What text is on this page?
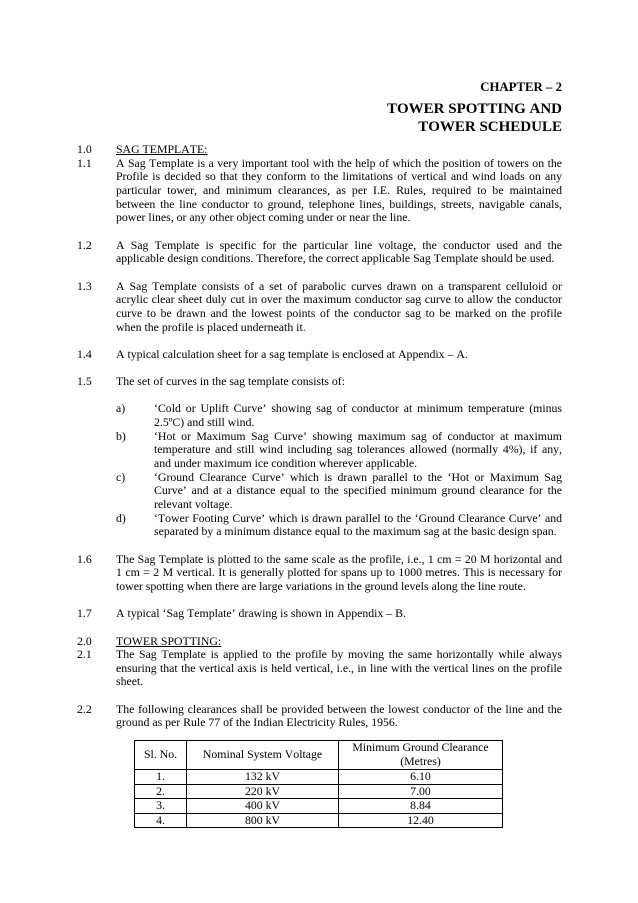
CHAPTER – 2
TOWER SPOTTING AND
TOWER SCHEDULE
1.0	SAG TEMPLATE:
1.1	A Sag Template is a very important tool with the help of which the position of towers on the Profile is decided so that they conform to the limitations of vertical and wind loads on any particular tower, and minimum clearances, as per I.E. Rules, required to be maintained between the line conductor to ground, telephone lines, buildings, streets, navigable canals, power lines, or any other object coming under or near the line.
1.2	A Sag Template is specific for the particular line voltage, the conductor used and the applicable design conditions. Therefore, the correct applicable Sag Template should be used.
1.3	A Sag Template consists of a set of parabolic curves drawn on a transparent celluloid or acrylic clear sheet duly cut in over the maximum conductor sag curve to allow the conductor curve to be drawn and the lowest points of the conductor sag to be marked on the profile when the profile is placed underneath it.
1.4	A typical calculation sheet for a sag template is enclosed at Appendix – A.
1.5	The set of curves in the sag template consists of:
a)	‘Cold or Uplift Curve’ showing sag of conductor at minimum temperature (minus 2.5ºC) and still wind.
b)	‘Hot or Maximum Sag Curve’ showing maximum sag of conductor at maximum temperature and still wind including sag tolerances allowed (normally 4%), if any, and under maximum ice condition wherever applicable.
c)	‘Ground Clearance Curve’ which is drawn parallel to the ‘Hot or Maximum Sag Curve’ and at a distance equal to the specified minimum ground clearance for the relevant voltage.
d)	‘Tower Footing Curve’ which is drawn parallel to the ‘Ground Clearance Curve’ and separated by a minimum distance equal to the maximum sag at the basic design span.
1.6	The Sag Template is plotted to the same scale as the profile, i.e., 1 cm = 20 M horizontal and 1 cm = 2 M vertical. It is generally plotted for spans up to 1000 metres. This is necessary for tower spotting when there are large variations in the ground levels along the line route.
1.7	A typical ‘Sag Template’ drawing is shown in Appendix – B.
2.0	TOWER SPOTTING:
2.1	The Sag Template is applied to the profile by moving the same horizontally while always ensuring that the vertical axis is held vertical, i.e., in line with the vertical lines on the profile sheet.
2.2	The following clearances shall be provided between the lowest conductor of the line and the ground as per Rule 77 of the Indian Electricity Rules, 1956.
Sl. No.	Nominal System Voltage	Minimum Ground Clearance (Metres)
1.	132 kV	6.10
2.	220 kV	7.00
3.	400 kV	8.84
4.	800 kV	12.40
